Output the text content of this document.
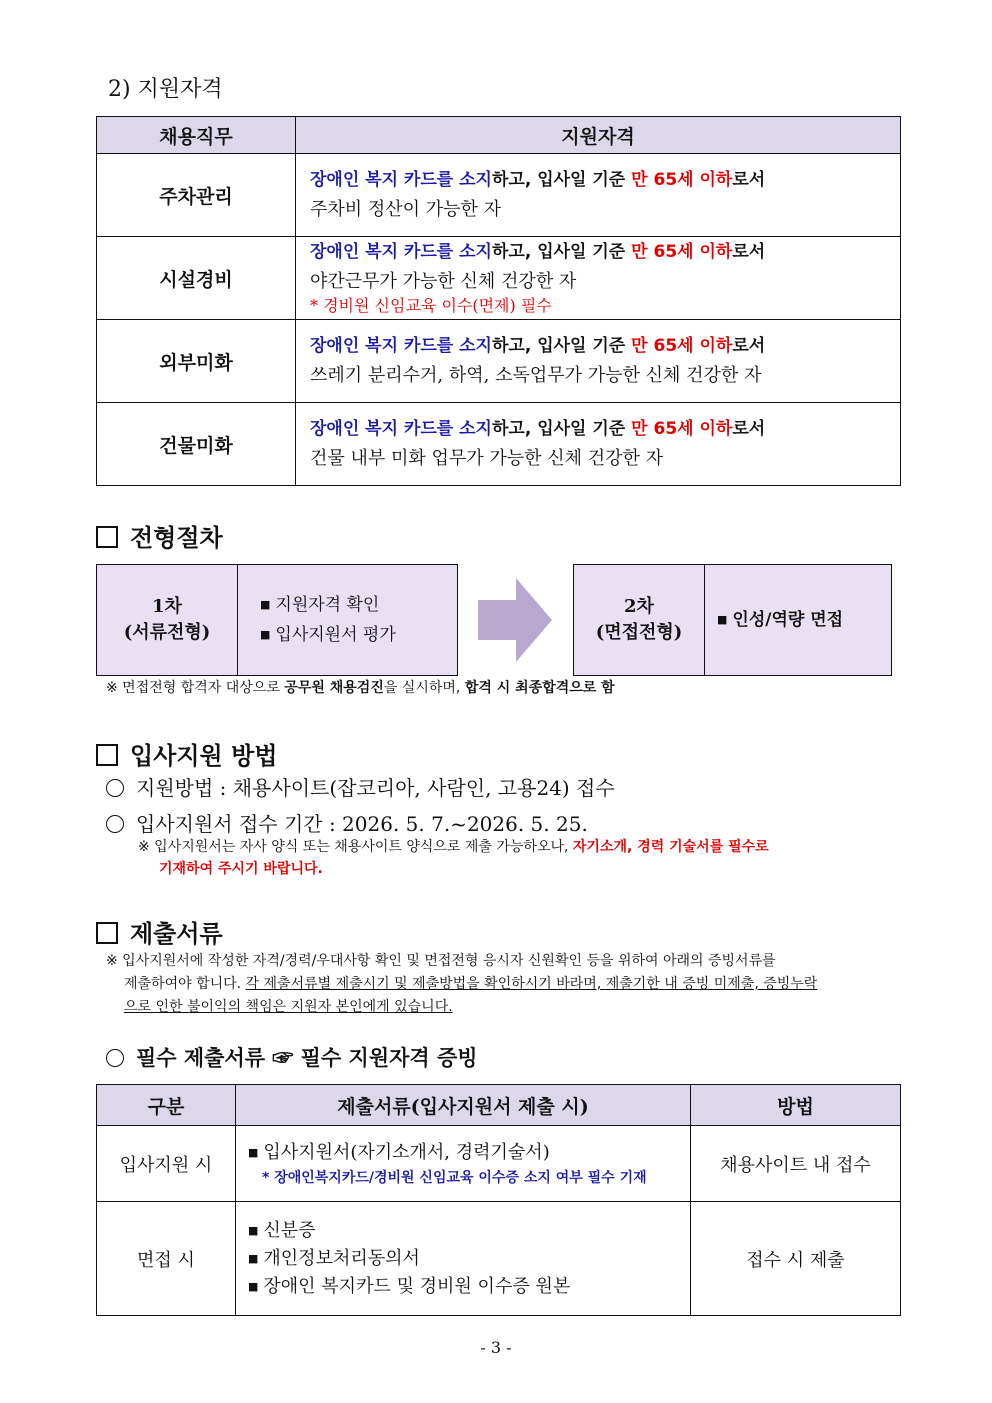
2) 지원자격
채용직무	지원자격
주차관리	장애인 복지 카드를 소지하고, 입사일 기준 만 65세 이하로서
주차비 정산이 가능한 자

시설경비	장애인 복지 카드를 소지하고, 입사일 기준 만 65세 이하로서
야간근무가 가능한 신체 건강한 자
* 경비원 신임교육 이수(면제) 필수

외부미화	장애인 복지 카드를 소지하고, 입사일 기준 만 65세 이하로서
쓰레기 분리수거, 하역, 소독업무가 가능한 신체 건강한 자

건물미화	장애인 복지 카드를 소지하고, 입사일 기준 만 65세 이하로서
건물 내부 미화 업무가 가능한 신체 건강한 자
전형절차
1차
(서류전형)
■ 지원자격 확인
■ 입사지원서 평가
2차
(면접전형)
■ 인성/역량 면접
※ 면접전형 합격자 대상으로 공무원 채용검진을 실시하며, 합격 시 최종합격으로 함
입사지원 방법
지원방법 : 채용사이트(잡코리아, 사람인, 고용24) 접수
입사지원서 접수 기간 : 2026. 5. 7.~2026. 5. 25.
※ 입사지원서는 자사 양식 또는 채용사이트 양식으로 제출 가능하오나, 자기소개, 경력 기술서를 필수로
기재하여 주시기 바랍니다.
제출서류
※ 입사지원서에 작성한 자격/경력/우대사항 확인 및 면접전형 응시자 신원확인 등을 위하여 아래의 증빙서류를
제출하여야 합니다. 각 제출서류별 제출시기 및 제출방법을 확인하시기 바라며, 제출기한 내 증빙 미제출, 증빙누락
으로 인한 불이익의 책임은 지원자 본인에게 있습니다.
필수 제출서류 ☞ 필수 지원자격 증빙
구분	제출서류(입사지원서 제출 시)	방법
입사지원 시	■ 입사지원서(자기소개서, 경력기술서)
* 장애인복지카드/경비원 신임교육 이수증 소지 여부 필수 기재	채용사이트 내 접수
면접 시	■ 신분증
■ 개인정보처리동의서
■ 장애인 복지카드 및 경비원 이수증 원본	접수 시 제출
- 3 -
